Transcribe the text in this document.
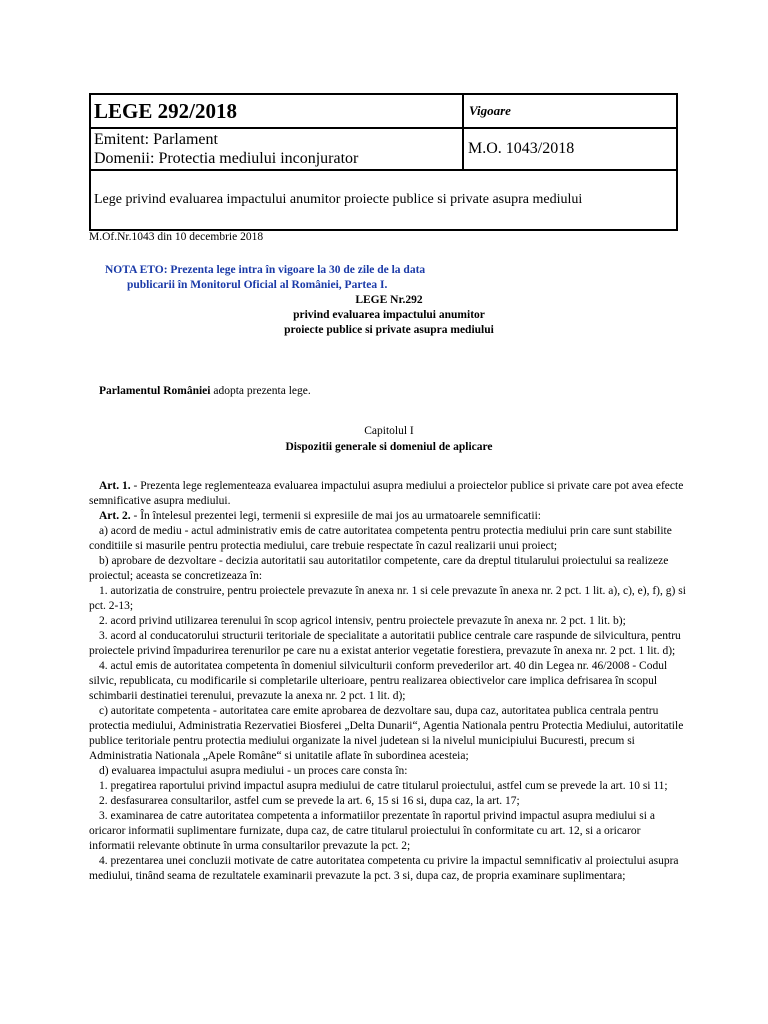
LEGE 292/2018	Vigoare

Emitent: Parlament
Domenii: Protectia mediului inconjurator	M.O. 1043/2018
Lege privind evaluarea impactului anumitor proiecte publice si private asupra mediului	

M.Of.Nr.1043 din 10 decembrie 2018

NOTA ETO: Prezenta lege intra în vigoare la 30 de zile de la data
publicarii în Monitorul Oficial al României, Partea I.
LEGE Nr.292
privind evaluarea impactului anumitor
proiecte publice si private asupra mediului

Parlamentul României adopta prezenta lege.

Capitolul I
Dispozitii generale si domeniul de aplicare

Art. 1. - Prezenta lege reglementeaza evaluarea impactului asupra mediului a proiectelor publice si private care pot avea efecte semnificative asupra mediului.

Art. 2. - În întelesul prezentei legi, termenii si expresiile de mai jos au urmatoarele semnificatii:

a) acord de mediu - actul administrativ emis de catre autoritatea competenta pentru protectia mediului prin care sunt stabilite conditiile si masurile pentru protectia mediului, care trebuie respectate în cazul realizarii unui proiect;

b) aprobare de dezvoltare - decizia autoritatii sau autoritatilor competente, care da dreptul titularului proiectului sa realizeze proiectul; aceasta se concretizeaza în:

1. autorizatia de construire, pentru proiectele prevazute în anexa nr. 1 si cele prevazute în anexa nr. 2 pct. 1 lit. a), c), e), f), g) si pct. 2-13;

2. acord privind utilizarea terenului în scop agricol intensiv, pentru proiectele prevazute în anexa nr. 2 pct. 1 lit. b);

3. acord al conducatorului structurii teritoriale de specialitate a autoritatii publice centrale care raspunde de silvicultura, pentru proiectele privind împadurirea terenurilor pe care nu a existat anterior vegetatie forestiera, prevazute în anexa nr. 2 pct. 1 lit. d);

4. actul emis de autoritatea competenta în domeniul silviculturii conform prevederilor art. 40 din Legea nr. 46/2008 - Codul silvic, republicata, cu modificarile si completarile ulterioare, pentru realizarea obiectivelor care implica defrisarea în scopul schimbarii destinatiei terenului, prevazute la anexa nr. 2 pct. 1 lit. d);

c) autoritate competenta - autoritatea care emite aprobarea de dezvoltare sau, dupa caz, autoritatea publica centrala pentru protectia mediului, Administratia Rezervatiei Biosferei „Delta Dunarii“, Agentia Nationala pentru Protectia Mediului, autoritatile publice teritoriale pentru protectia mediului organizate la nivel judetean si la nivelul municipiului Bucuresti, precum si Administratia Nationala „Apele Române“ si unitatile aflate în subordinea acesteia;

d) evaluarea impactului asupra mediului - un proces care consta în:

1. pregatirea raportului privind impactul asupra mediului de catre titularul proiectului, astfel cum se prevede la art. 10 si 11;

2. desfasurarea consultarilor, astfel cum se prevede la art. 6, 15 si 16 si, dupa caz, la art. 17;

3. examinarea de catre autoritatea competenta a informatiilor prezentate în raportul privind impactul asupra mediului si a oricaror informatii suplimentare furnizate, dupa caz, de catre titularul proiectului în conformitate cu art. 12, si a oricaror informatii relevante obtinute în urma consultarilor prevazute la pct. 2;

4. prezentarea unei concluzii motivate de catre autoritatea competenta cu privire la impactul semnificativ al proiectului asupra mediului, tinând seama de rezultatele examinarii prevazute la pct. 3 si, dupa caz, de propria examinare suplimentara;
